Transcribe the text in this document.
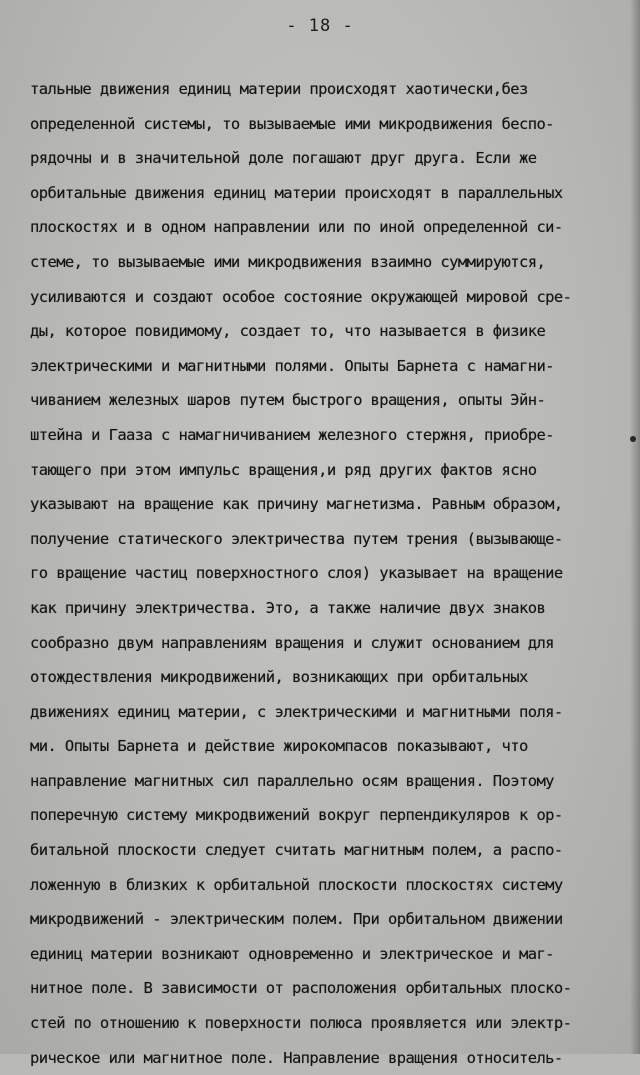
- 18 -
тальные движения единиц материи происходят хаотически,без
определенной системы, то вызываемые ими микродвижения беспо-
рядочны и в значительной доле погашают друг друга. Если же
орбитальные движения единиц материи происходят в параллельных
плоскостях и в одном направлении или по иной определенной си-
стеме, то вызываемые ими микродвижения взаимно суммируются,
усиливаются и создают особое состояние окружающей мировой сре-
ды, которое повидимому, создает то, что называется в физике
электрическими и магнитными полями. Опыты Барнета с намагни-
чиванием железных шаров путем быстрого вращения, опыты Эйн-
штейна и Гааза с намагничиванием железного стержня, приобре-
тающего при этом импульс вращения,и ряд других фактов ясно
указывают на вращение как причину магнетизма. Равным образом,
получение статического электричества путем трения (вызывающе-
го вращение частиц поверхностного слоя) указывает на вращение
как причину электричества. Это, а также наличие двух знаков
сообразно двум направлениям вращения и служит основанием для
отождествления микродвижений, возникающих при орбитальных
движениях единиц материи, с электрическими и магнитными поля-
ми. Опыты Барнета и действие жирокомпасов показывают, что
направление магнитных сил параллельно осям вращения. Поэтому
поперечную систему микродвижений вокруг перпендикуляров к ор-
битальной плоскости следует считать магнитным полем, а распо-
ложенную в близких к орбитальной плоскости плоскостях систему
микродвижений - электрическим полем. При орбитальном движении
единиц материи возникают одновременно и электрическое и маг-
нитное поле. В зависимости от расположения орбитальных плоско-
стей по отношению к поверхности полюса проявляется или электр-
рическое или магнитное поле. Направление вращения относитель-
